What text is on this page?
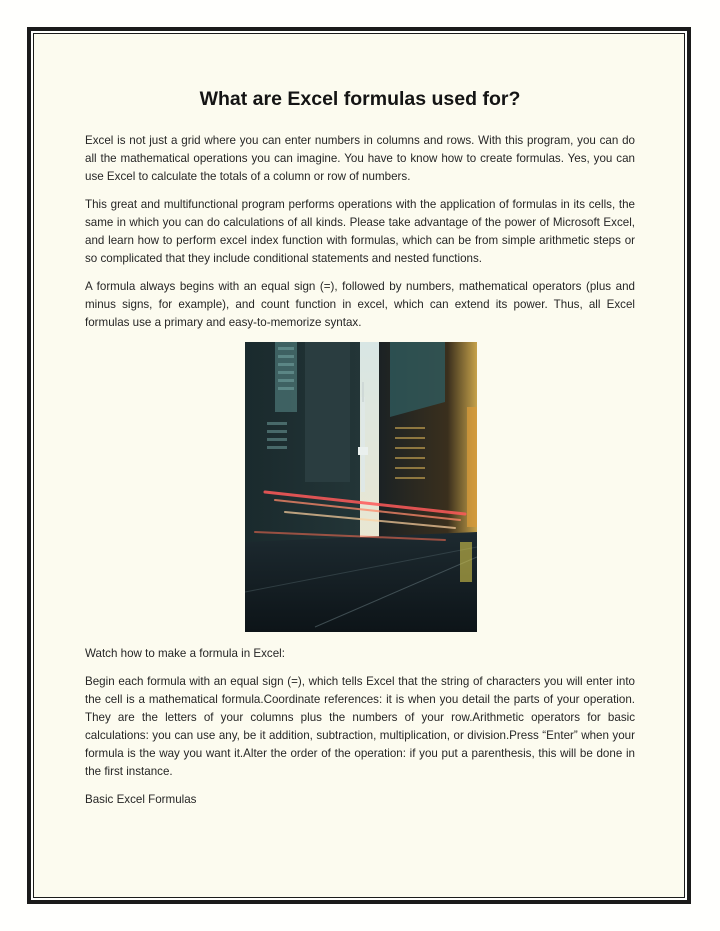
What are Excel formulas used for?

Excel is not just a grid where you can enter numbers in columns and rows. With this program, you can do all the mathematical operations you can imagine. You have to know how to create formulas. Yes, you can use Excel to calculate the totals of a column or row of numbers.

This great and multifunctional program performs operations with the application of formulas in its cells, the same in which you can do calculations of all kinds. Please take advantage of the power of Microsoft Excel, and learn how to perform excel index function with formulas, which can be from simple arithmetic steps or so complicated that they include conditional statements and nested functions.

A formula always begins with an equal sign (=), followed by numbers, mathematical operators (plus and minus signs, for example), and count function in excel, which can extend its power. Thus, all Excel formulas use a primary and easy-to-memorize syntax.

Watch how to make a formula in Excel:

Begin each formula with an equal sign (=), which tells Excel that the string of characters you will enter into the cell is a mathematical formula.Coordinate references: it is when you detail the parts of your operation. They are the letters of your columns plus the numbers of your row.Arithmetic operators for basic calculations: you can use any, be it addition, subtraction, multiplication, or division.Press “Enter” when your formula is the way you want it.Alter the order of the operation: if you put a parenthesis, this will be done in the first instance.

Basic Excel Formulas
